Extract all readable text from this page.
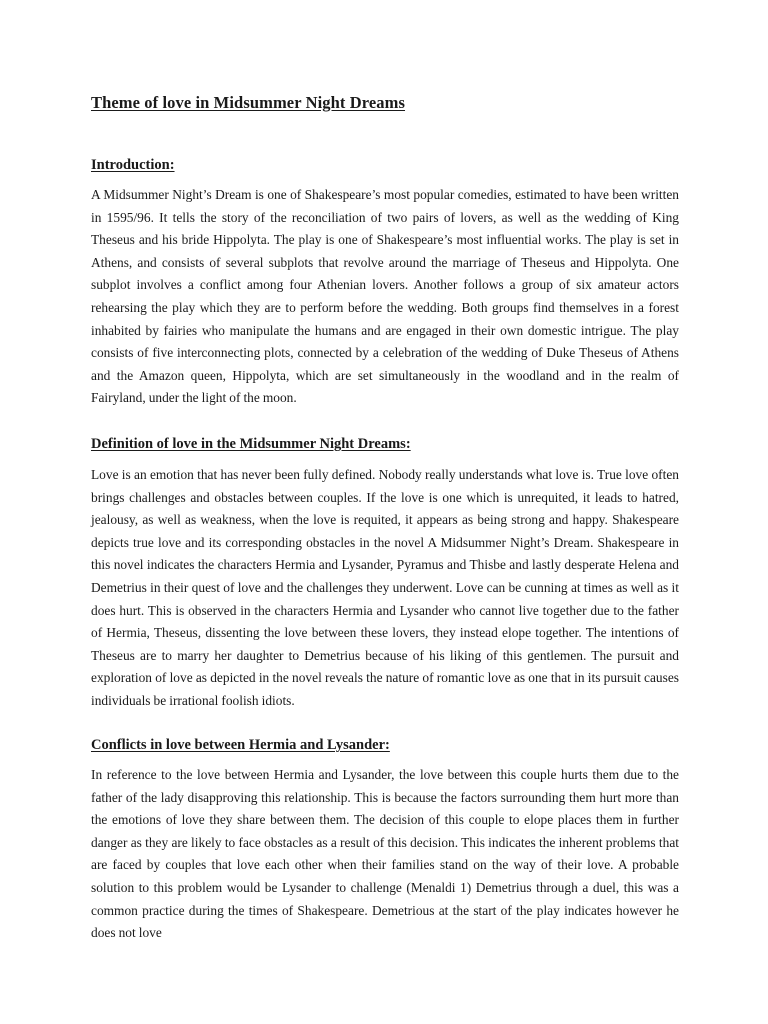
Theme of love in Midsummer Night Dreams
Introduction:

A Midsummer Night’s Dream is one of Shakespeare’s most popular comedies, estimated to have been written in 1595/96. It tells the story of the reconciliation of two pairs of lovers, as well as the wedding of King Theseus and his bride Hippolyta. The play is one of Shakespeare’s most influential works. The play is set in Athens, and consists of several subplots that revolve around the marriage of Theseus and Hippolyta. One subplot involves a conflict among four Athenian lovers. Another follows a group of six amateur actors rehearsing the play which they are to perform before the wedding. Both groups find themselves in a forest inhabited by fairies who manipulate the humans and are engaged in their own domestic intrigue. The play consists of five interconnecting plots, connected by a celebration of the wedding of Duke Theseus of Athens and the Amazon queen, Hippolyta, which are set simultaneously in the woodland and in the realm of Fairyland, under the light of the moon.

Definition of love in the Midsummer Night Dreams:

Love is an emotion that has never been fully defined. Nobody really understands what love is. True love often brings challenges and obstacles between couples. If the love is one which is unrequited, it leads to hatred, jealousy, as well as weakness, when the love is requited, it appears as being strong and happy. Shakespeare depicts true love and its corresponding obstacles in the novel A Midsummer Night’s Dream. Shakespeare in this novel indicates the characters Hermia and Lysander, Pyramus and Thisbe and lastly desperate Helena and Demetrius in their quest of love and the challenges they underwent. Love can be cunning at times as well as it does hurt. This is observed in the characters Hermia and Lysander who cannot live together due to the father of Hermia, Theseus, dissenting the love between these lovers, they instead elope together. The intentions of Theseus are to marry her daughter to Demetrius because of his liking of this gentlemen. The pursuit and exploration of love as depicted in the novel reveals the nature of romantic love as one that in its pursuit causes individuals be irrational foolish idiots.

Conflicts in love between Hermia and Lysander:

In reference to the love between Hermia and Lysander, the love between this couple hurts them due to the father of the lady disapproving this relationship. This is because the factors surrounding them hurt more than the emotions of love they share between them. The decision of this couple to elope places them in further danger as they are likely to face obstacles as a result of this decision. This indicates the inherent problems that are faced by couples that love each other when their families stand on the way of their love. A probable solution to this problem would be Lysander to challenge (Menaldi 1) Demetrius through a duel, this was a common practice during the times of Shakespeare. Demetrious at the start of the play indicates however he does not love
